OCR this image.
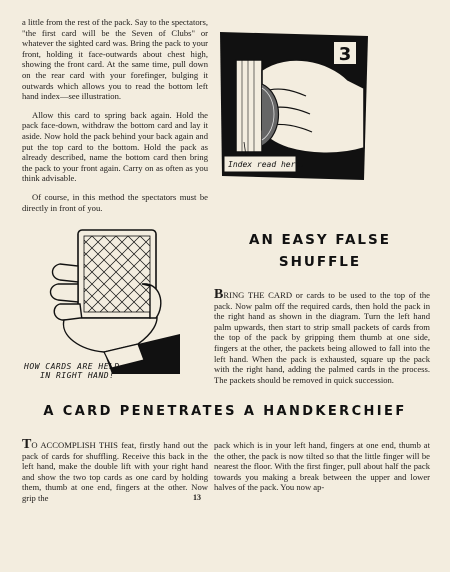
a little from the rest of the pack. Say to the spectators, "the first card will be the Seven of Clubs" or whatever the sighted card was. Bring the pack to your front, holding it face-outwards about chest high, showing the front card. At the same time, pull down on the rear card with your forefinger, bulging it outwards which allows you to read the bottom left hand index—see illustration.

Allow this card to spring back again. Hold the pack face-down, withdraw the bottom card and lay it aside. Now hold the pack behind your back again and put the top card to the bottom. Hold the pack as already described, name the bottom card then bring the pack to your front again. Carry on as often as you think advisable.

Of course, in this method the spectators must be directly in front of you.

3
Index read here.
HOW CARDS ARE HELD
IN RIGHT HAND!
AN EASY FALSE
SHUFFLE

BRING THE CARD or cards to be used to the top of the pack. Now palm off the required cards, then hold the pack in the right hand as shown in the diagram. Turn the left hand palm upwards, then start to strip small packets of cards from the top of the pack by gripping them thumb at one side, fingers at the other, the packets being allowed to fall into the left hand. When the pack is exhausted, square up the pack with the right hand, adding the palmed cards in the process. The packets should be removed in quick succession.

A CARD PENETRATES A HANDKERCHIEF

TO ACCOMPLISH THIS feat, firstly hand out the pack of cards for shuffling. Receive this back in the left hand, make the double lift with your right hand and show the two top cards as one card by holding them, thumb at one end, fingers at the other. Now grip the

pack which is in your left hand, fingers at one end, thumb at the other, the pack is now tilted so that the little finger will be nearest the floor. With the first finger, pull about half the pack towards you making a break between the upper and lower halves of the pack. You now ap-

13
